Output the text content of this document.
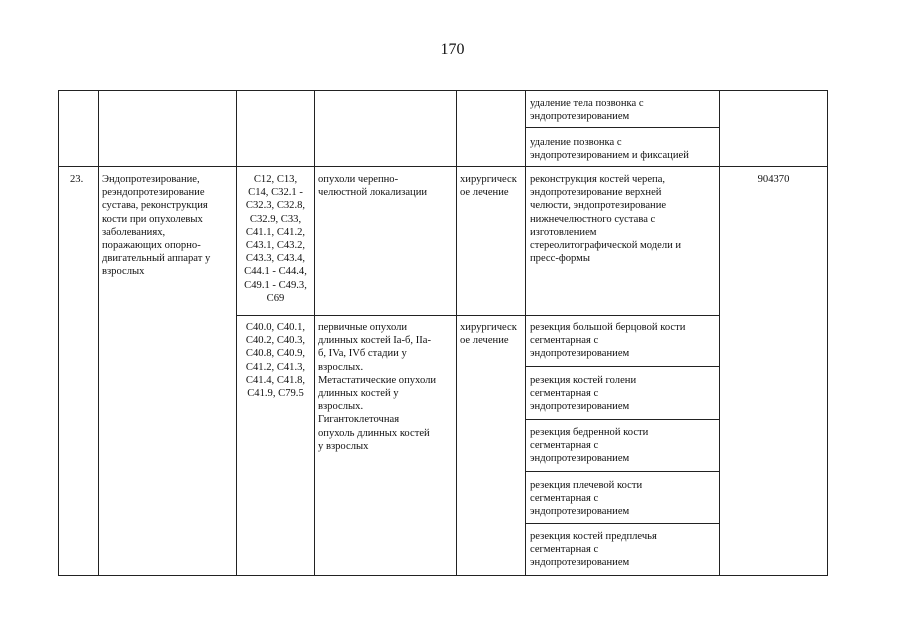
170
удаление тела позвонка с
эндопротезированием
удаление позвонка с
эндопротезированием и фиксацией
23. Эндопротезирование,
реэндопротезирование
сустава, реконструкция
кости при опухолевых
заболеваниях,
поражающих опорно-
двигательный аппарат у
взрослых
C12, C13,
C14, C32.1 -
C32.3, C32.8,
C32.9, C33,
C41.1, C41.2,
C43.1, C43.2,
C43.3, C43.4,
C44.1 - C44.4,
C49.1 - C49.3,
C69
опухоли черепно-
челюстной локализации
хирургическ
ое лечение
реконструкция костей черепа,
эндопротезирование верхней
челюсти, эндопротезирование
нижнечелюстного сустава с
изготовлением
стереолитографической модели и
пресс-формы
904370
C40.0, C40.1,
C40.2, C40.3,
C40.8, C40.9,
C41.2, C41.3,
C41.4, C41.8,
C41.9, C79.5
первичные опухоли
длинных костей Ia-б, IIa-
б, IVa, IVб стадии у
взрослых.
Метастатические опухоли
длинных костей у
взрослых.
Гигантоклеточная
опухоль длинных костей
у взрослых
хирургическ
ое лечение
резекция большой берцовой кости
сегментарная с
эндопротезированием
резекция костей голени
сегментарная с
эндопротезированием
резекция бедренной кости
сегментарная с
эндопротезированием
резекция плечевой кости
сегментарная с
эндопротезированием
резекция костей предплечья
сегментарная с
эндопротезированием
